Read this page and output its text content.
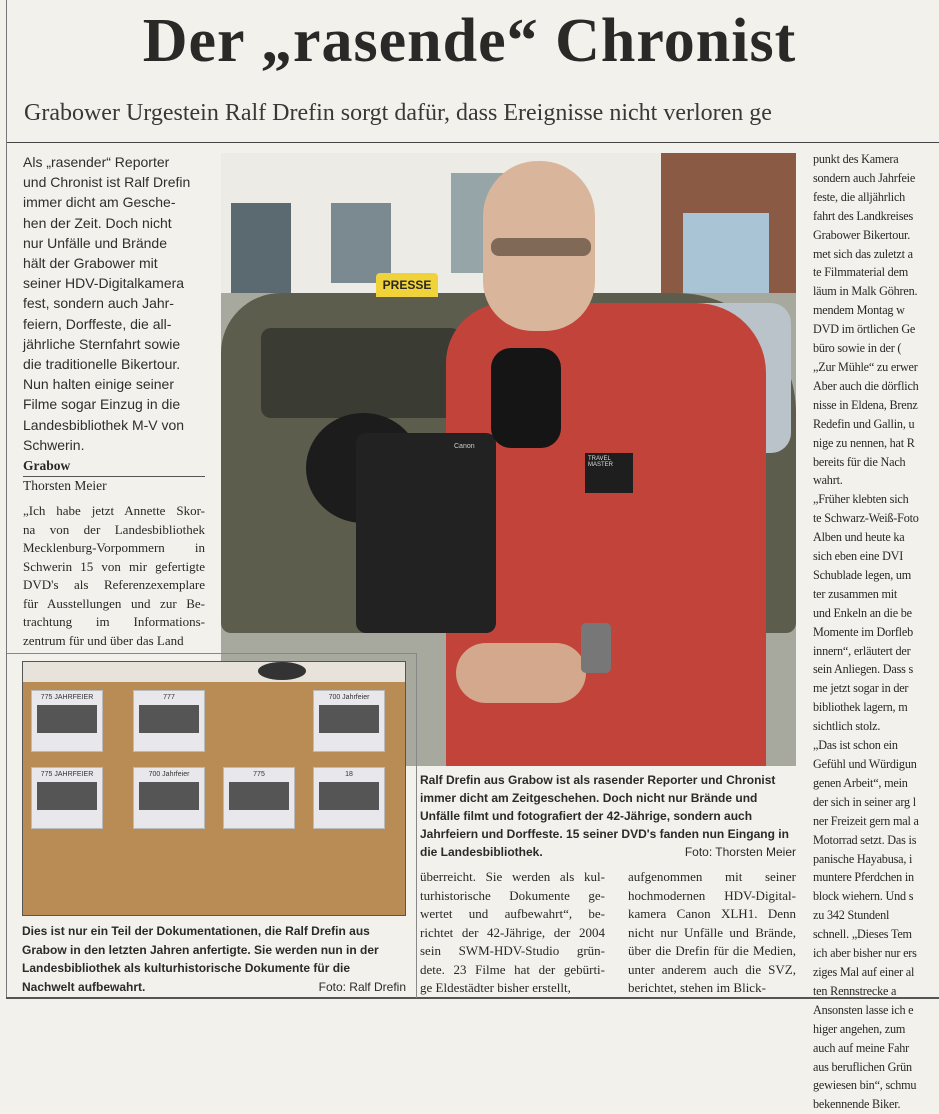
Der „rasende“ Chronist
Grabower Urgestein Ralf Drefin sorgt dafür, dass Ereignisse nicht verloren ge
Als „rasender“ Reporter
und Chronist ist Ralf Drefin
immer dicht am Gesche-
hen der Zeit. Doch nicht
nur Unfälle und Brände
hält der Grabower mit
seiner HDV-Digitalkamera
fest, sondern auch Jahr-
feiern, Dorffeste, die all-
jährliche Sternfahrt sowie
die traditionelle Bikertour.
Nun halten einige seiner
Filme sogar Einzug in die
Landesbibliothek M-V von
Schwerin.
Grabow
Thorsten Meier
„Ich habe jetzt Annette Skor-
na von der Landesbibliothek
Mecklenburg-Vorpommern in
Schwerin 15 von mir gefertigte
DVD's als Referenzexemplare
für Ausstellungen und zur Be-
trachtung im Informations-
zentrum für und über das Land
PRESSE
TRAVEL MASTER
Canon
Ralf Drefin aus Grabow ist als rasender Reporter und Chronist immer dicht am Zeitgeschehen. Doch nicht nur Brände und Unfälle filmt und fotografiert der 42-Jährige, sondern auch Jahrfeiern und Dorffeste. 15 seiner DVD's fanden nun Eingang in die Landesbibliothek.	Foto: Thorsten Meier
775 JAHRFEIER
775 JAHRFEIER
777	700 Jahrfeier
775
700 Jahrfeier	18
Dies ist nur ein Teil der Dokumentationen, die Ralf Drefin aus Grabow in den letzten Jahren anfertigte. Sie werden nun in der Landesbibliothek als kulturhistorische Dokumente für die Nachwelt aufbewahrt.	Foto: Ralf Drefin
überreicht. Sie werden als kul-
turhistorische Dokumente ge-
wertet und aufbewahrt“, be-
richtet der 42-Jährige, der 2004
sein SWM-HDV-Studio grün-
dete. 23 Filme hat der gebürti-
ge Eldestädter bisher erstellt,
aufgenommen mit seiner
hochmodernen HDV-Digital-
kamera Canon XLH1. Denn
nicht nur Unfälle und Brände,
über die Drefin für die Medien,
unter anderem auch die SVZ,
berichtet, stehen im Blick-
punkt des Kamera
sondern auch Jahrfeie
feste, die alljährlich
fahrt des Landkreises
Grabower Bikertour.
met sich das zuletzt a
te Filmmaterial dem
läum in Malk Göhren.
mendem Montag w
DVD im örtlichen Ge
büro sowie in der (
„Zur Mühle“ zu erwer
Aber auch die dörflich
nisse in Eldena, Brenz
Redefin und Gallin, u
nige zu nennen, hat R
bereits für die Nach
wahrt.
„Früher klebten sich
te Schwarz-Weiß-Foto
Alben und heute ka
sich eben eine DVI
Schublade legen, um
ter zusammen mit
und Enkeln an die be
Momente im Dorfleb
innern“, erläutert der
sein Anliegen. Dass s
me jetzt sogar in der
bibliothek lagern, m
sichtlich stolz.
„Das ist schon ein
Gefühl und Würdigun
genen Arbeit“, mein
der sich in seiner arg l
ner Freizeit gern mal a
Motorrad setzt. Das is
panische Hayabusa, i
muntere Pferdchen in
block wiehern. Und s
zu 342 Stundenl
schnell. „Dieses Tem
ich aber bisher nur ers
ziges Mal auf einer al
ten Rennstrecke a
Ansonsten lasse ich e
higer angehen, zum
auch auf meine Fahr
aus beruflichen Grün
gewiesen bin“, schmu
bekennende Biker.
